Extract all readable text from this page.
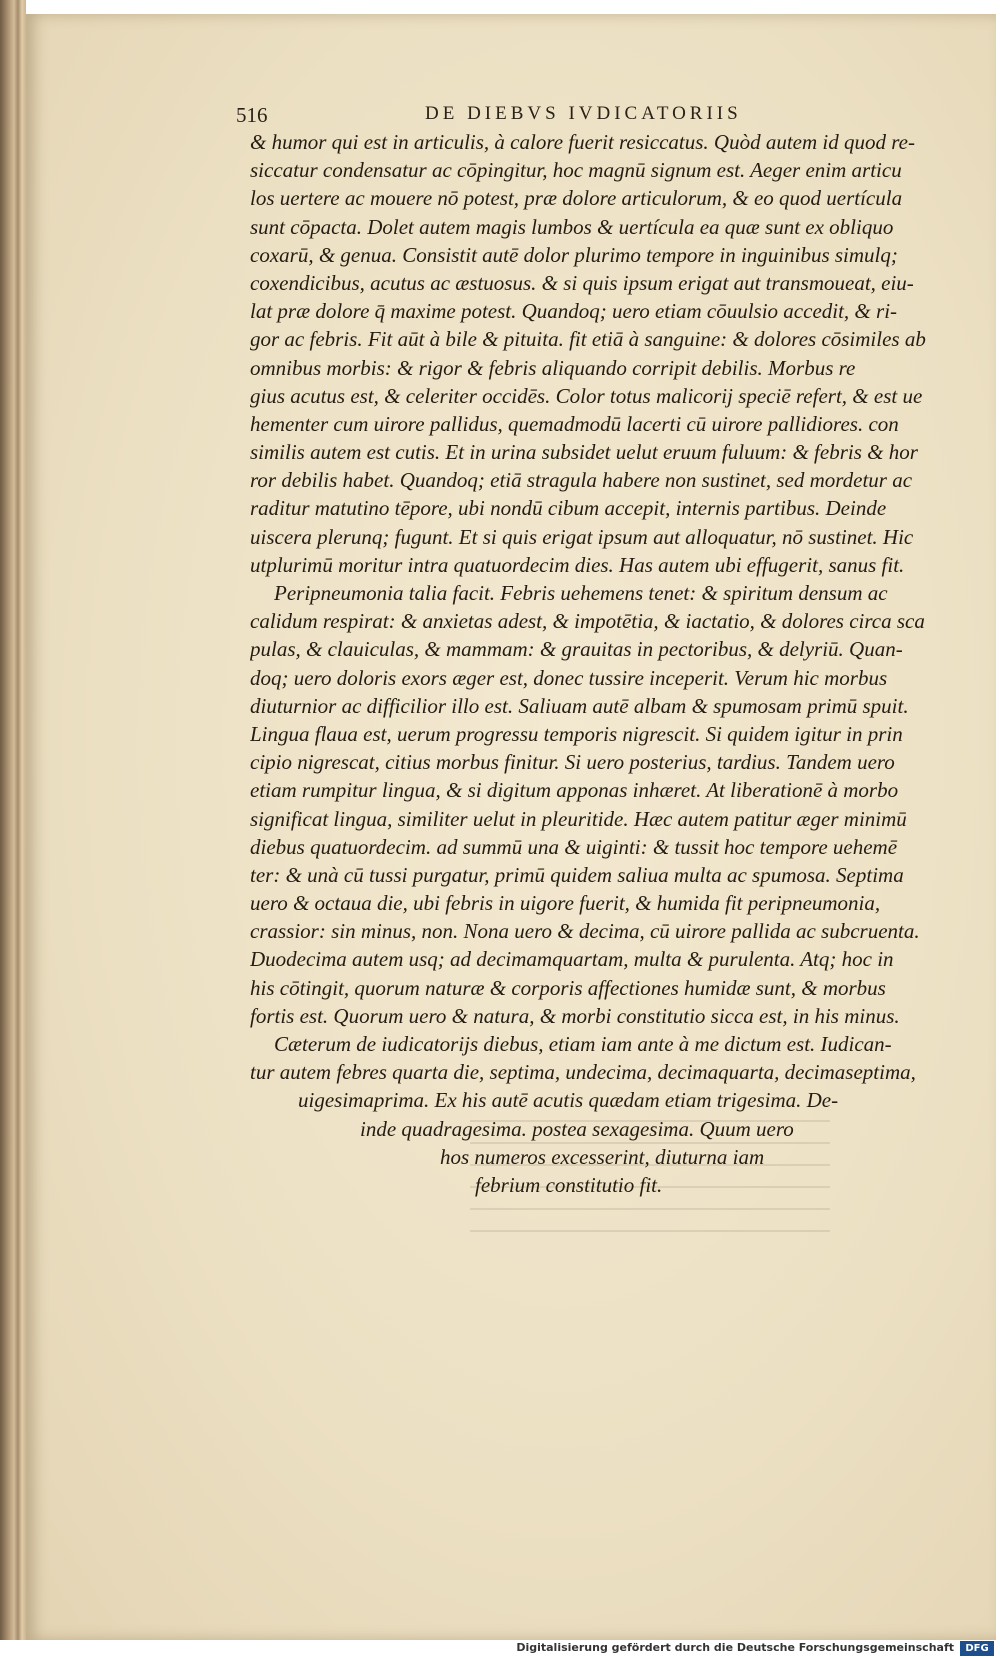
516	DE DIEBVS IVDICATORIIS
& humor qui est in articulis, à calore fuerit resiccatus. Quòd autem id quod re-
siccatur condensatur ac cōpingitur, hoc magnū signum est. Aeger enim articu
los uertere ac mouere nō potest, præ dolore articulorum, & eo quod uertícula
sunt cōpacta. Dolet autem magis lumbos & uertícula ea quæ sunt ex obliquo
coxarū, & genua. Consistit autē dolor plurimo tempore in inguinibus simulq;
coxendicibus, acutus ac æstuosus. & si quis ipsum erigat aut transmoueat, eiu-
lat præ dolore q̄ maxime potest. Quandoq; uero etiam cōuulsio accedit, & ri-
gor ac febris. Fit aūt à bile & pituita. fit etiā à sanguine: & dolores cōsimiles ab
omnibus morbis: & rigor & febris aliquando corripit debilis. Morbus re
gius acutus est, & celeriter occidēs. Color totus malicorij speciē refert, & est ue
hementer cum uirore pallidus, quemadmodū lacerti cū uirore pallidiores. con
similis autem est cutis. Et in urina subsidet uelut eruum fuluum: & febris & hor
ror debilis habet. Quandoq; etiā stragula habere non sustinet, sed mordetur ac
raditur matutino tēpore, ubi nondū cibum accepit, internis partibus. Deinde
uiscera plerunq; fugunt. Et si quis erigat ipsum aut alloquatur, nō sustinet. Hic
utplurimū moritur intra quatuordecim dies. Has autem ubi effugerit, sanus fit.
Peripneumonia talia facit. Febris uehemens tenet: & spiritum densum ac
calidum respirat: & anxietas adest, & impotētia, & iactatio, & dolores circa sca
pulas, & clauiculas, & mammam: & grauitas in pectoribus, & delyriū. Quan-
doq; uero doloris exors æger est, donec tussire inceperit. Verum hic morbus
diuturnior ac difficilior illo est. Saliuam autē albam & spumosam primū spuit.
Lingua flaua est, uerum progressu temporis nigrescit. Si quidem igitur in prin
cipio nigrescat, citius morbus finitur. Si uero posterius, tardius. Tandem uero
etiam rumpitur lingua, & si digitum apponas inhæret. At liberationē à morbo
significat lingua, similiter uelut in pleuritide. Hæc autem patitur æger minimū
diebus quatuordecim. ad summū una & uiginti: & tussit hoc tempore uehemē
ter: & unà cū tussi purgatur, primū quidem saliua multa ac spumosa. Septima
uero & octaua die, ubi febris in uigore fuerit, & humida fit peripneumonia,
crassior: sin minus, non. Nona uero & decima, cū uirore pallida ac subcruenta.
Duodecima autem usq; ad decimamquartam, multa & purulenta. Atq; hoc in
his cōtingit, quorum naturæ & corporis affectiones humidæ sunt, & morbus
fortis est. Quorum uero & natura, & morbi constitutio sicca est, in his minus.
Cæterum de iudicatorijs diebus, etiam iam ante à me dictum est. Iudican-
tur autem febres quarta die, septima, undecima, decimaquarta, decimaseptima,
uigesimaprima. Ex his autē acutis quædam etiam trigesima. De-
inde quadragesima. postea sexagesima. Quum uero
hos numeros excesserint, diuturna iam
febrium constitutio fit.
Digitalisierung gefördert durch die Deutsche Forschungsgemeinschaft	DFG
